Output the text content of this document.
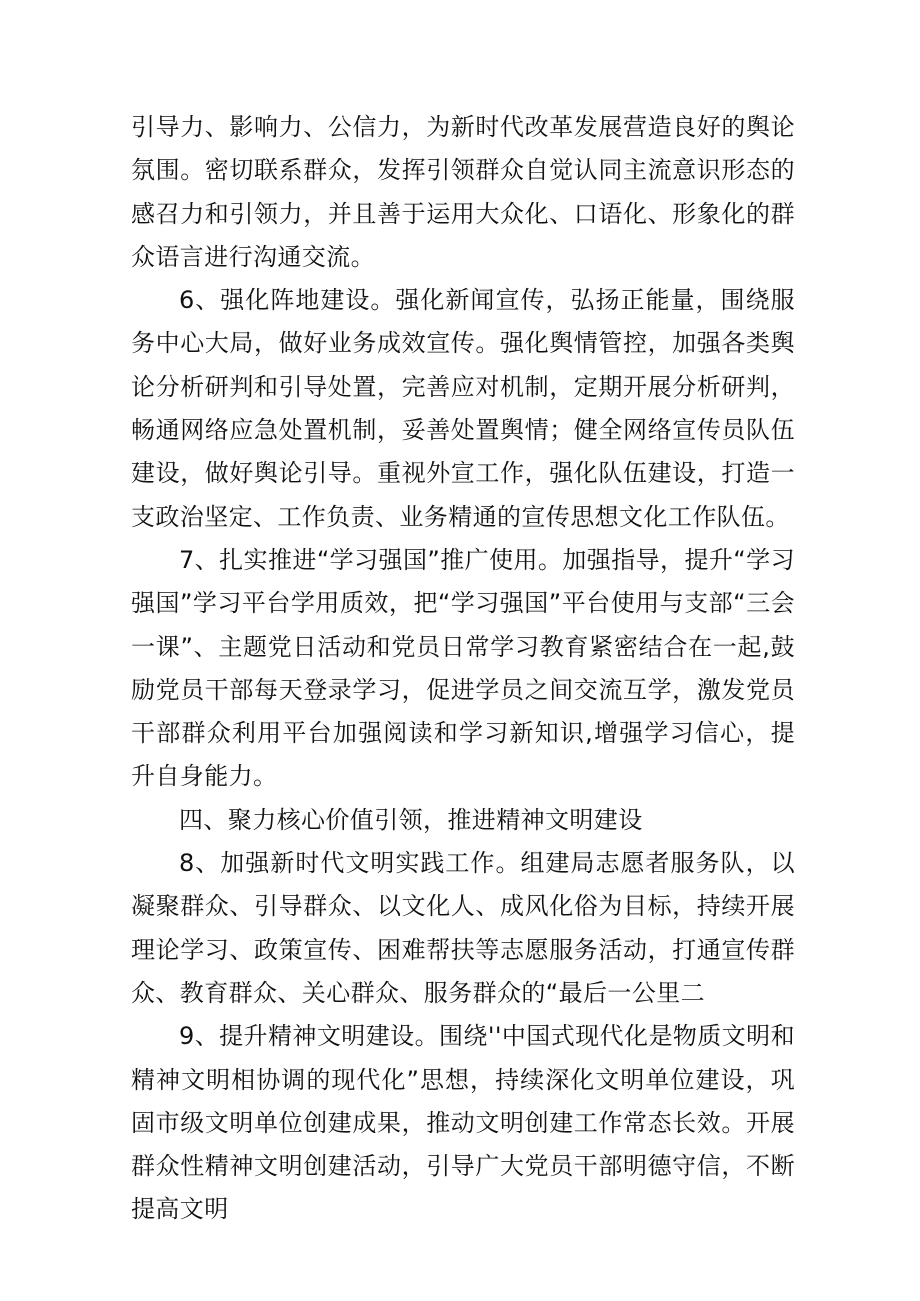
引导力、影响力、公信力，为新时代改革发展营造良好的舆论氛围。密切联系群众，发挥引领群众自觉认同主流意识形态的感召力和引领力，并且善于运用大众化、口语化、形象化的群众语言进行沟通交流。

6、强化阵地建设。强化新闻宣传，弘扬正能量，围绕服务中心大局，做好业务成效宣传。强化舆情管控，加强各类舆论分析研判和引导处置，完善应对机制，定期开展分析研判，畅通网络应急处置机制，妥善处置舆情；健全网络宣传员队伍建设，做好舆论引导。重视外宣工作，强化队伍建设，打造一支政治坚定、工作负责、业务精通的宣传思想文化工作队伍。

7、扎实推进“学习强国”推广使用。加强指导，提升“学习强国”学习平台学用质效，把“学习强国”平台使用与支部“三会一课”、主题党日活动和党员日常学习教育紧密结合在一起,鼓励党员干部每天登录学习，促进学员之间交流互学，激发党员干部群众利用平台加强阅读和学习新知识,增强学习信心，提升自身能力。

四、聚力核心价值引领，推进精神文明建设

8、加强新时代文明实践工作。组建局志愿者服务队，以凝聚群众、引导群众、以文化人、成风化俗为目标，持续开展理论学习、政策宣传、困难帮扶等志愿服务活动，打通宣传群众、教育群众、关心群众、服务群众的“最后一公里二

9、提升精神文明建设。围绕''中国式现代化是物质文明和精神文明相协调的现代化”思想，持续深化文明单位建设，巩固市级文明单位创建成果，推动文明创建工作常态长效。开展群众性精神文明创建活动，引导广大党员干部明德守信，不断提高文明
